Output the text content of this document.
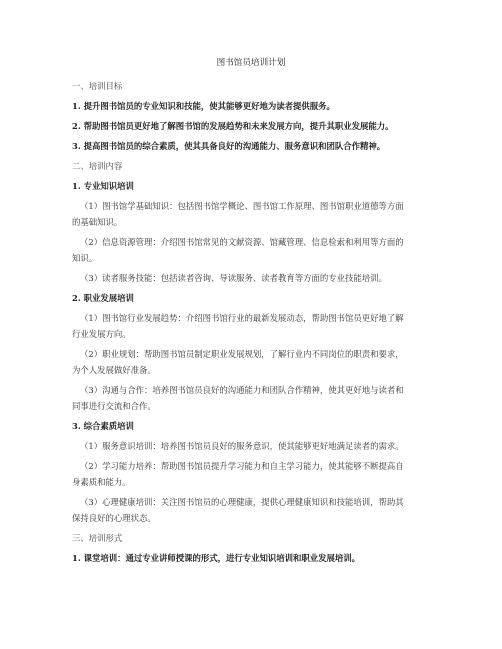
图书馆员培训计划
一、培训目标
1. 提升图书馆员的专业知识和技能，使其能够更好地为读者提供服务。
2. 帮助图书馆员更好地了解图书馆的发展趋势和未来发展方向，提升其职业发展能力。
3. 提高图书馆员的综合素质，使其具备良好的沟通能力、服务意识和团队合作精神。
二、培训内容
1. 专业知识培训
（1）图书馆学基础知识：包括图书馆学概论、图书馆工作原理、图书馆职业道德等方面
的基础知识。
（2）信息资源管理：介绍图书馆常见的文献资源、馆藏管理、信息检索和利用等方面的
知识。
（3）读者服务技能：包括读者咨询、导读服务、读者教育等方面的专业技能培训。
2. 职业发展培训
（1）图书馆行业发展趋势：介绍图书馆行业的最新发展动态，帮助图书馆员更好地了解
行业发展方向。
（2）职业规划：帮助图书馆员制定职业发展规划，了解行业内不同岗位的职责和要求，
为个人发展做好准备。
（3）沟通与合作：培养图书馆员良好的沟通能力和团队合作精神，使其更好地与读者和
同事进行交流和合作。
3. 综合素质培训
（1）服务意识培训：培养图书馆员良好的服务意识，使其能够更好地满足读者的需求。
（2）学习能力培养：帮助图书馆员提升学习能力和自主学习能力，使其能够不断提高自
身素质和能力。
（3）心理健康培训：关注图书馆员的心理健康，提供心理健康知识和技能培训，帮助其
保持良好的心理状态。
三、培训形式
1. 课堂培训：通过专业讲师授课的形式，进行专业知识培训和职业发展培训。
